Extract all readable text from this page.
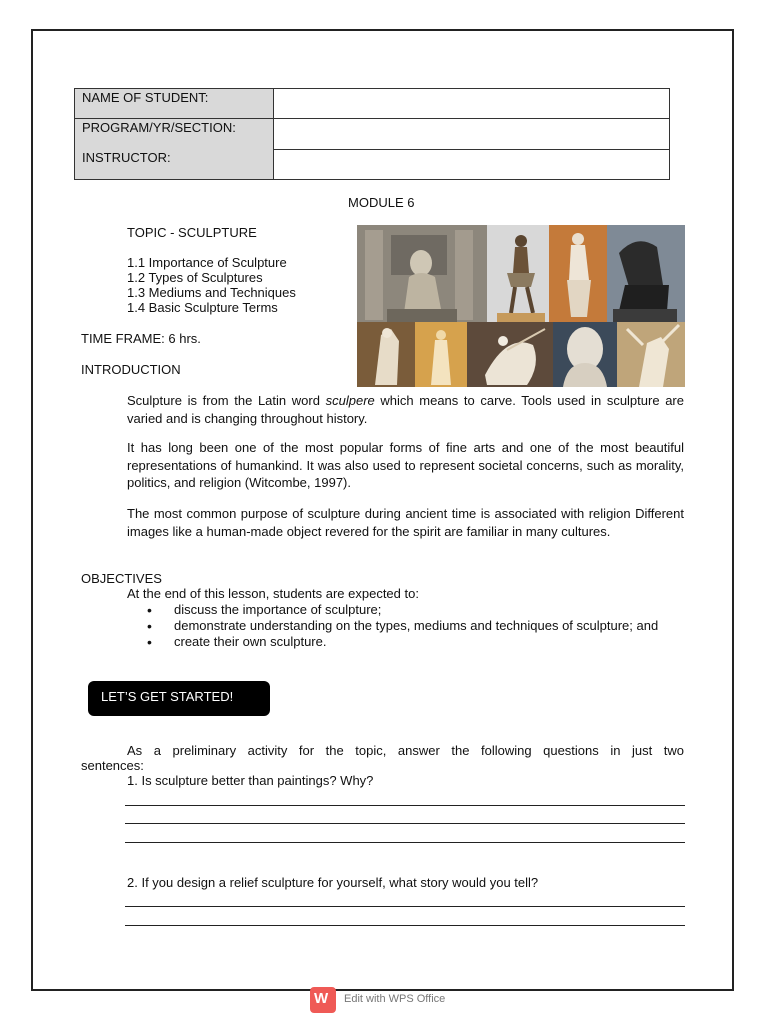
NAME OF STUDENT:
PROGRAM/YR/SECTION:
INSTRUCTOR:
MODULE 6
TOPIC - SCULPTURE
1.1 Importance of Sculpture
1.2 Types of Sculptures
1.3 Mediums and Techniques
1.4 Basic Sculpture Terms
TIME FRAME: 6 hrs.
INTRODUCTION
Sculpture is from the Latin word sculpere which means to carve. Tools used in sculpture are varied and is changing throughout history.
It has long been one of the most popular forms of fine arts and one of the most beautiful representations of humankind. It was also used to represent societal concerns, such as morality, politics, and religion (Witcombe, 1997).
The most common purpose of sculpture during ancient time is associated with religion Different images like a human-made object revered for the spirit are familiar in many cultures.
OBJECTIVES
At the end of this lesson, students are expected to:
• discuss the importance of sculpture;
• demonstrate understanding on the types, mediums and techniques of sculpture; and
• create their own sculpture.
LET’S GET STARTED!
As a preliminary activity for the topic, answer the following questions in just two
sentences:
1. Is sculpture better than paintings? Why?
2. If you design a relief sculpture for yourself, what story would you tell?
W Edit with WPS Office
